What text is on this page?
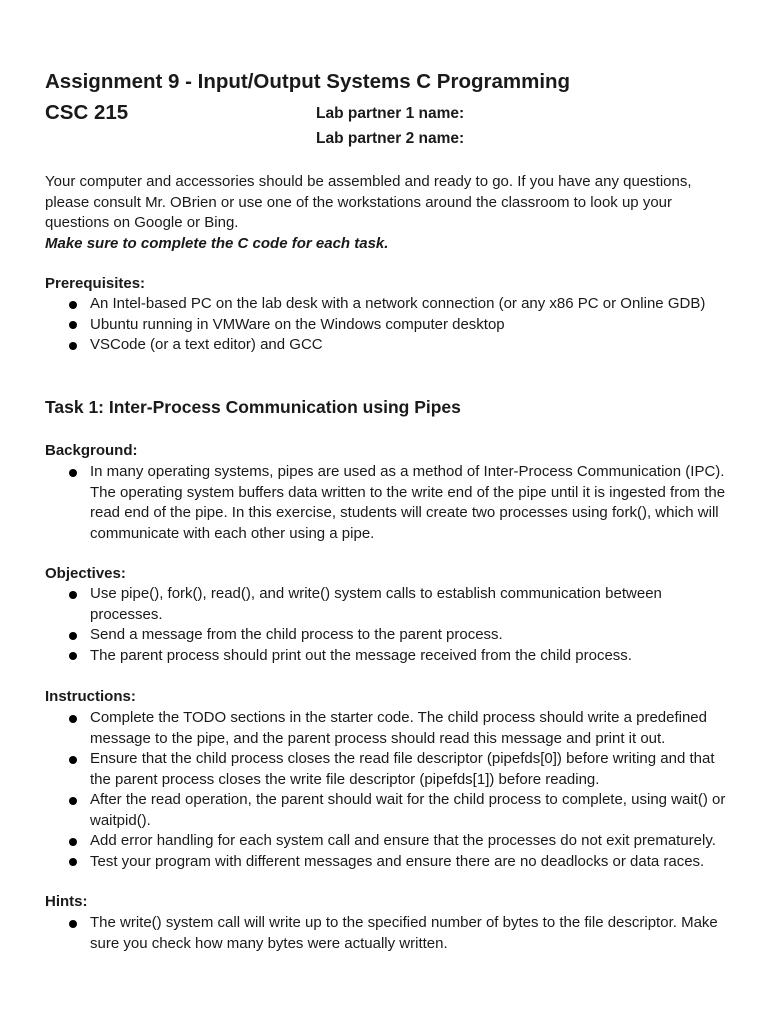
Assignment 9 - Input/Output Systems C Programming
CSC 215	Lab partner 1 name:
Lab partner 2 name:

Your computer and accessories should be assembled and ready to go. If you have any questions, please consult Mr. OBrien or use one of the workstations around the classroom to look up your questions on Google or Bing.

Make sure to complete the C code for each task.

Prerequisites:
An Intel-based PC on the lab desk with a network connection (or any x86 PC or Online GDB)
Ubuntu running in VMWare on the Windows computer desktop
VSCode (or a text editor) and GCC
Task 1: Inter-Process Communication using Pipes
Background:
In many operating systems, pipes are used as a method of Inter-Process Communication (IPC). The operating system buffers data written to the write end of the pipe until it is ingested from the read end of the pipe. In this exercise, students will create two processes using fork(), which will communicate with each other using a pipe.
Objectives:
Use pipe(), fork(), read(), and write() system calls to establish communication between processes.
Send a message from the child process to the parent process.
The parent process should print out the message received from the child process.
Instructions:
Complete the TODO sections in the starter code. The child process should write a predefined message to the pipe, and the parent process should read this message and print it out.
Ensure that the child process closes the read file descriptor (pipefds[0]) before writing and that the parent process closes the write file descriptor (pipefds[1]) before reading.
After the read operation, the parent should wait for the child process to complete, using wait() or waitpid().
Add error handling for each system call and ensure that the processes do not exit prematurely.
Test your program with different messages and ensure there are no deadlocks or data races.
Hints:
The write() system call will write up to the specified number of bytes to the file descriptor. Make sure you check how many bytes were actually written.
